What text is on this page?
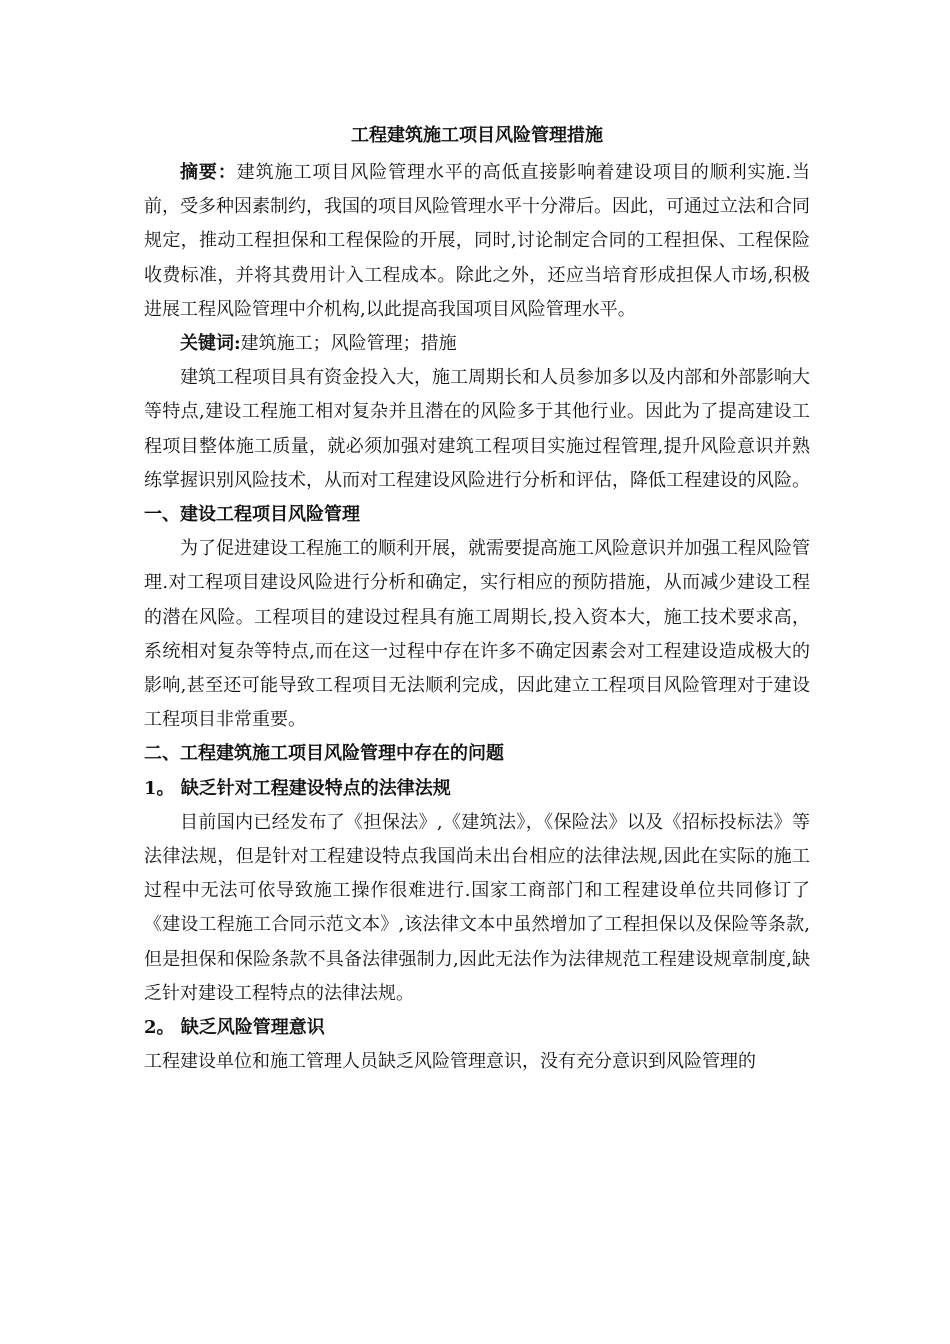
工程建筑施工项目风险管理措施

摘要：建筑施工项目风险管理水平的高低直接影响着建设项目的顺利实施.当前，受多种因素制约，我国的项目风险管理水平十分滞后。因此，可通过立法和合同规定，推动工程担保和工程保险的开展，同时,讨论制定合同的工程担保、工程保险收费标准，并将其费用计入工程成本。除此之外，还应当培育形成担保人市场,积极进展工程风险管理中介机构,以此提高我国项目风险管理水平。

关键词:建筑施工；风险管理；措施

建筑工程项目具有资金投入大，施工周期长和人员参加多以及内部和外部影响大等特点,建设工程施工相对复杂并且潜在的风险多于其他行业。因此为了提高建设工程项目整体施工质量，就必须加强对建筑工程项目实施过程管理,提升风险意识并熟练掌握识别风险技术，从而对工程建设风险进行分析和评估，降低工程建设的风险。

一、建设工程项目风险管理

为了促进建设工程施工的顺利开展，就需要提高施工风险意识并加强工程风险管理.对工程项目建设风险进行分析和确定，实行相应的预防措施，从而减少建设工程的潜在风险。工程项目的建设过程具有施工周期长,投入资本大，施工技术要求高，系统相对复杂等特点,而在这一过程中存在许多不确定因素会对工程建设造成极大的影响,甚至还可能导致工程项目无法顺利完成，因此建立工程项目风险管理对于建设工程项目非常重要。

二、工程建筑施工项目风险管理中存在的问题

1。 缺乏针对工程建设特点的法律法规

目前国内已经发布了《担保法》,《建筑法》，《保险法》以及《招标投标法》等法律法规，但是针对工程建设特点我国尚未出台相应的法律法规,因此在实际的施工过程中无法可依导致施工操作很难进行.国家工商部门和工程建设单位共同修订了《建设工程施工合同示范文本》,该法律文本中虽然增加了工程担保以及保险等条款,但是担保和保险条款不具备法律强制力,因此无法作为法律规范工程建设规章制度,缺乏针对建设工程特点的法律法规。

2。 缺乏风险管理意识

工程建设单位和施工管理人员缺乏风险管理意识，没有充分意识到风险管理的
